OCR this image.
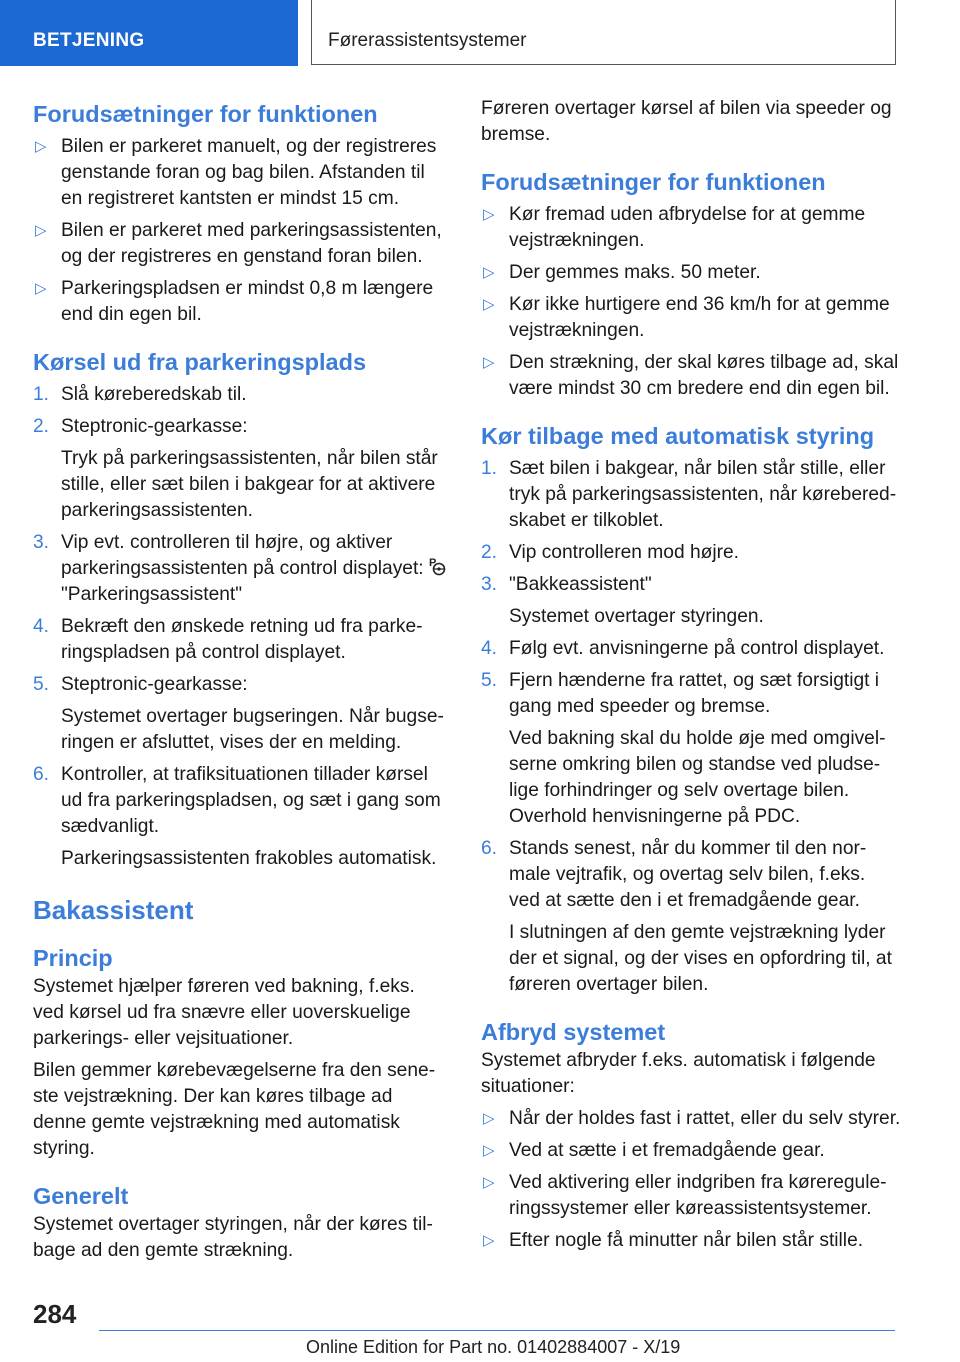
BETJENING	Førerassistentsystemer
Forudsætninger for funktionen
▷ Bilen er parkeret manuelt, og der registreres genstande foran og bag bilen. Afstanden til en registreret kantsten er mindst 15 cm.
▷ Bilen er parkeret med parkeringsassistenten, og der registreres en genstand foran bilen.
▷ Parkeringspladsen er mindst 0,8 m længere end din egen bil.
Kørsel ud fra parkeringsplads
1. Slå køreberedskab til.
2. Steptronic-gearkasse:
Tryk på parkeringsassistenten, når bilen står stille, eller sæt bilen i bakgear for at aktivere parkeringsassistenten.
3. Vip evt. controlleren til højre, og aktiver parkeringsassistenten på control displayet: P

"Parkeringsassistent"
4. Bekræft den ønskede retning ud fra parkeringspladsen på control displayet.
5. Steptronic-gearkasse:
Systemet overtager bugseringen. Når bugseringen er afsluttet, vises der en melding.
6. Kontroller, at trafiksituationen tillader kørsel ud fra parkeringspladsen, og sæt i gang som sædvanligt.
Parkeringsassistenten frakobles automatisk.
Bakassistent
Princip

Systemet hjælper føreren ved bakning, f.eks. ved kørsel ud fra snævre eller uoverskuelige parkerings- eller vejsituationer.

Bilen gemmer kørebevægelserne fra den seneste vejstrækning. Der kan køres tilbage ad denne gemte vejstrækning med automatisk styring.

Generelt

Systemet overtager styringen, når der køres tilbage ad den gemte strækning.

Føreren overtager kørsel af bilen via speeder og bremse.

Forudsætninger for funktionen
▷ Kør fremad uden afbrydelse for at gemme vejstrækningen.
▷ Der gemmes maks. 50 meter.
▷ Kør ikke hurtigere end 36 km/h for at gemme vejstrækningen.
▷ Den strækning, der skal køres tilbage ad, skal være mindst 30 cm bredere end din egen bil.
Kør tilbage med automatisk styring
1. Sæt bilen i bakgear, når bilen står stille, eller tryk på parkeringsassistenten, når køreberedskabet er tilkoblet.
2. Vip controlleren mod højre.
3. "Bakkeassistent"
Systemet overtager styringen.
4. Følg evt. anvisningerne på control displayet.
5. Fjern hænderne fra rattet, og sæt forsigtigt i gang med speeder og bremse.
Ved bakning skal du holde øje med omgivelserne omkring bilen og standse ved pludselige forhindringer og selv overtage bilen. Overhold henvisningerne på PDC.
6. Stands senest, når du kommer til den normale vejtrafik, og overtag selv bilen, f.eks. ved at sætte den i et fremadgående gear.
I slutningen af den gemte vejstrækning lyder der et signal, og der vises en opfordring til, at føreren overtager bilen.
Afbryd systemet

Systemet afbryder f.eks. automatisk i følgende situationer:

▷ Når der holdes fast i rattet, eller du selv styrer.
▷ Ved at sætte i et fremadgående gear.
▷ Ved aktivering eller indgriben fra kørereguleringssystemer eller køreassistentsystemer.
▷ Efter nogle få minutter når bilen står stille.
284
Online Edition for Part no. 01402884007 - X/19
